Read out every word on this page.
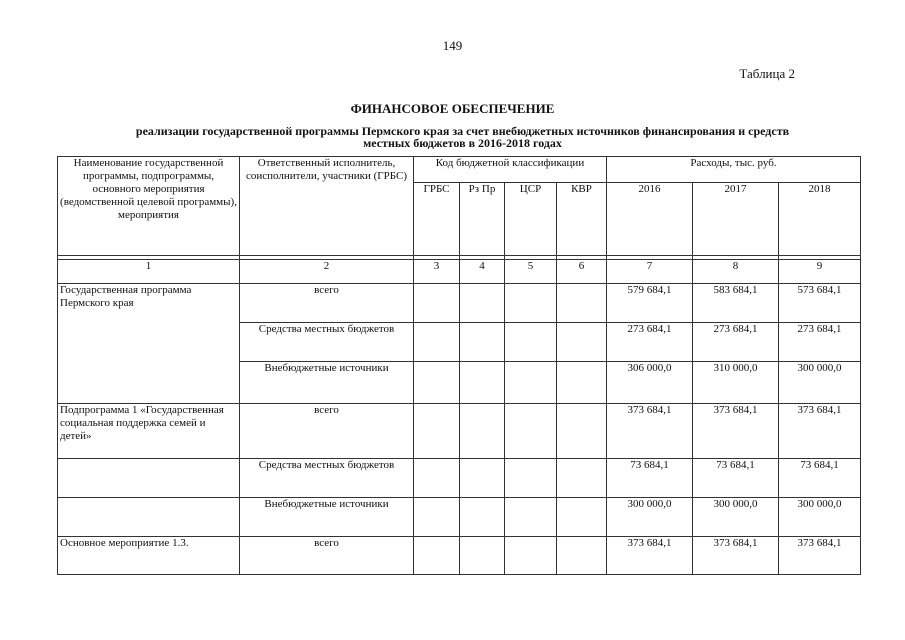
149
Таблица 2
ФИНАНСОВОЕ ОБЕСПЕЧЕНИЕ
реализации государственной программы Пермского края за счет внебюджетных источников финансирования и средств местных бюджетов в 2016-2018 годах
Наименование государственной программы, подпрограммы, основного мероприятия (ведомственной целевой программы), мероприятия	Ответственный исполнитель, соисполнители, участники (ГРБС)	Код бюджетной классификации				Расходы, тыс. руб.		
		ГРБС	Рз Пр	ЦСР	КВР	2016	2017	2018

1	2	3	4	5	6	7	8	9
Государственная программа Пермского края	всего					579 684,1	583 684,1	573 684,1
	Средства местных бюджетов					273 684,1	273 684,1	273 684,1
	Внебюджетные источники					306 000,0	310 000,0	300 000,0
Подпрограмма 1 «Государственная социальная поддержка семей и детей»	всего					373 684,1	373 684,1	373 684,1
	Средства местных бюджетов					73 684,1	73 684,1	73 684,1
	Внебюджетные источники					300 000,0	300 000,0	300 000,0
Основное мероприятие 1.3.	всего					373 684,1	373 684,1	373 684,1
